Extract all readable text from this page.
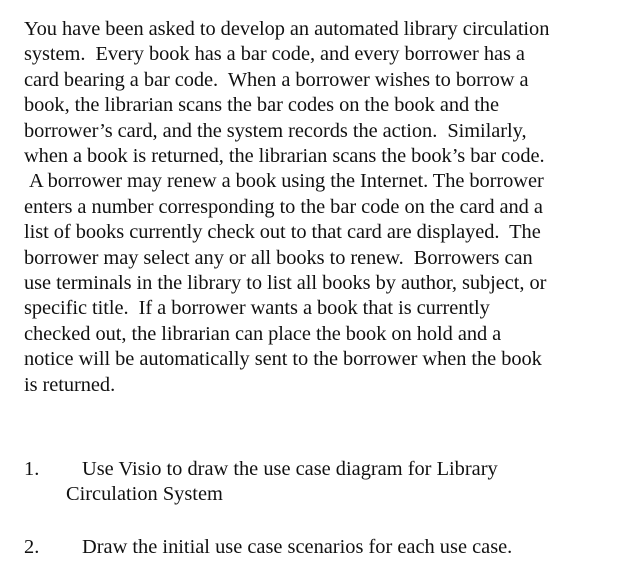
You have been asked to develop an automated library circulation
system.  Every book has a bar code, and every borrower has a
card bearing a bar code.  When a borrower wishes to borrow a
book, the librarian scans the bar codes on the book and the
borrower’s card, and the system records the action.  Similarly,
when a book is returned, the librarian scans the book’s bar code.
A borrower may renew a book using the Internet. The borrower
enters a number corresponding to the bar code on the card and a
list of books currently check out to that card are displayed.  The
borrower may select any or all books to renew.  Borrowers can
use terminals in the library to list all books by author, subject, or
specific title.  If a borrower wants a book that is currently
checked out, the librarian can place the book on hold and a
notice will be automatically sent to the borrower when the book
is returned.
1. Use Visio to draw the use case diagram for Library
Circulation System
2. Draw the initial use case scenarios for each use case.
